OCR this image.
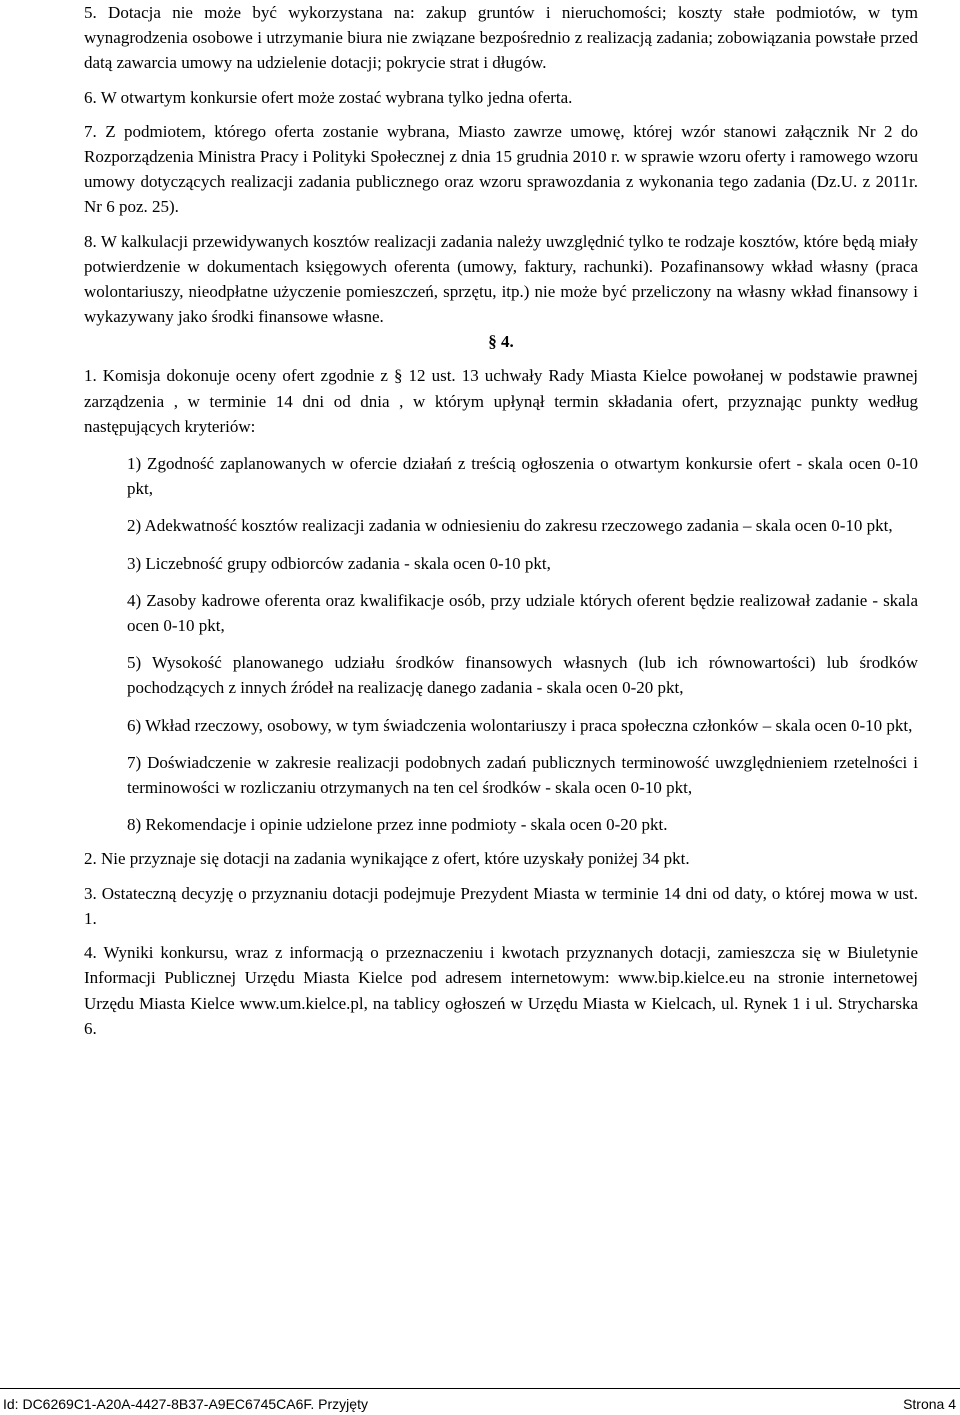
5. Dotacja nie może być wykorzystana na: zakup gruntów i nieruchomości; koszty stałe podmiotów, w tym wynagrodzenia osobowe i utrzymanie biura nie związane bezpośrednio z realizacją zadania; zobowiązania powstałe przed datą zawarcia umowy na udzielenie dotacji; pokrycie strat i długów.

6. W otwartym konkursie ofert może zostać wybrana tylko jedna oferta.

7. Z podmiotem, którego oferta zostanie wybrana, Miasto zawrze umowę, której wzór stanowi załącznik Nr 2 do Rozporządzenia Ministra Pracy i Polityki Społecznej z dnia 15 grudnia 2010 r. w sprawie wzoru oferty i ramowego wzoru umowy dotyczących realizacji zadania publicznego oraz wzoru sprawozdania z wykonania tego zadania (Dz.U. z 2011r. Nr 6 poz. 25).

8. W kalkulacji przewidywanych kosztów realizacji zadania należy uwzględnić tylko te rodzaje kosztów, które będą miały potwierdzenie w dokumentach księgowych oferenta (umowy, faktury, rachunki). Pozafinansowy wkład własny (praca wolontariuszy, nieodpłatne użyczenie pomieszczeń, sprzętu, itp.) nie może być przeliczony na własny wkład finansowy i wykazywany jako środki finansowe własne.

§ 4.

1. Komisja dokonuje oceny ofert zgodnie z § 12 ust. 13 uchwały Rady Miasta Kielce powołanej w podstawie prawnej zarządzenia , w terminie 14 dni od dnia , w którym upłynął termin składania ofert, przyznając punkty według następujących kryteriów:

1) Zgodność zaplanowanych w ofercie działań z treścią ogłoszenia o otwartym konkursie ofert - skala ocen 0-10 pkt,

2) Adekwatność kosztów realizacji zadania w odniesieniu do zakresu rzeczowego zadania – skala ocen 0-10 pkt,

3) Liczebność grupy odbiorców zadania - skala ocen 0-10 pkt,

4) Zasoby kadrowe oferenta oraz kwalifikacje osób, przy udziale których oferent będzie realizował zadanie - skala ocen 0-10 pkt,

5) Wysokość planowanego udziału środków finansowych własnych (lub ich równowartości) lub środków pochodzących z innych źródeł na realizację danego zadania - skala ocen 0-20 pkt,

6) Wkład rzeczowy, osobowy, w tym świadczenia wolontariuszy i praca społeczna członków – skala ocen 0-10 pkt,

7) Doświadczenie w zakresie realizacji podobnych zadań publicznych terminowość uwzględnieniem rzetelności i terminowości w rozliczaniu otrzymanych na ten cel środków - skala ocen 0-10 pkt,

8) Rekomendacje i opinie udzielone przez inne podmioty - skala ocen 0-20 pkt.

2. Nie przyznaje się dotacji na zadania wynikające z ofert, które uzyskały poniżej 34 pkt.

3. Ostateczną decyzję o przyznaniu dotacji podejmuje Prezydent Miasta w terminie 14 dni od daty, o której mowa w ust. 1.

4. Wyniki konkursu, wraz z informacją o przeznaczeniu i kwotach przyznanych dotacji, zamieszcza się w Biuletynie Informacji Publicznej Urzędu Miasta Kielce pod adresem internetowym: www.bip.kielce.eu na stronie internetowej Urzędu Miasta Kielce www.um.kielce.pl, na tablicy ogłoszeń w Urzędu Miasta w Kielcach, ul. Rynek 1 i ul. Strycharska 6.

Id: DC6269C1-A20A-4427-8B37-A9EC6745CA6F. Przyjęty	Strona 4
